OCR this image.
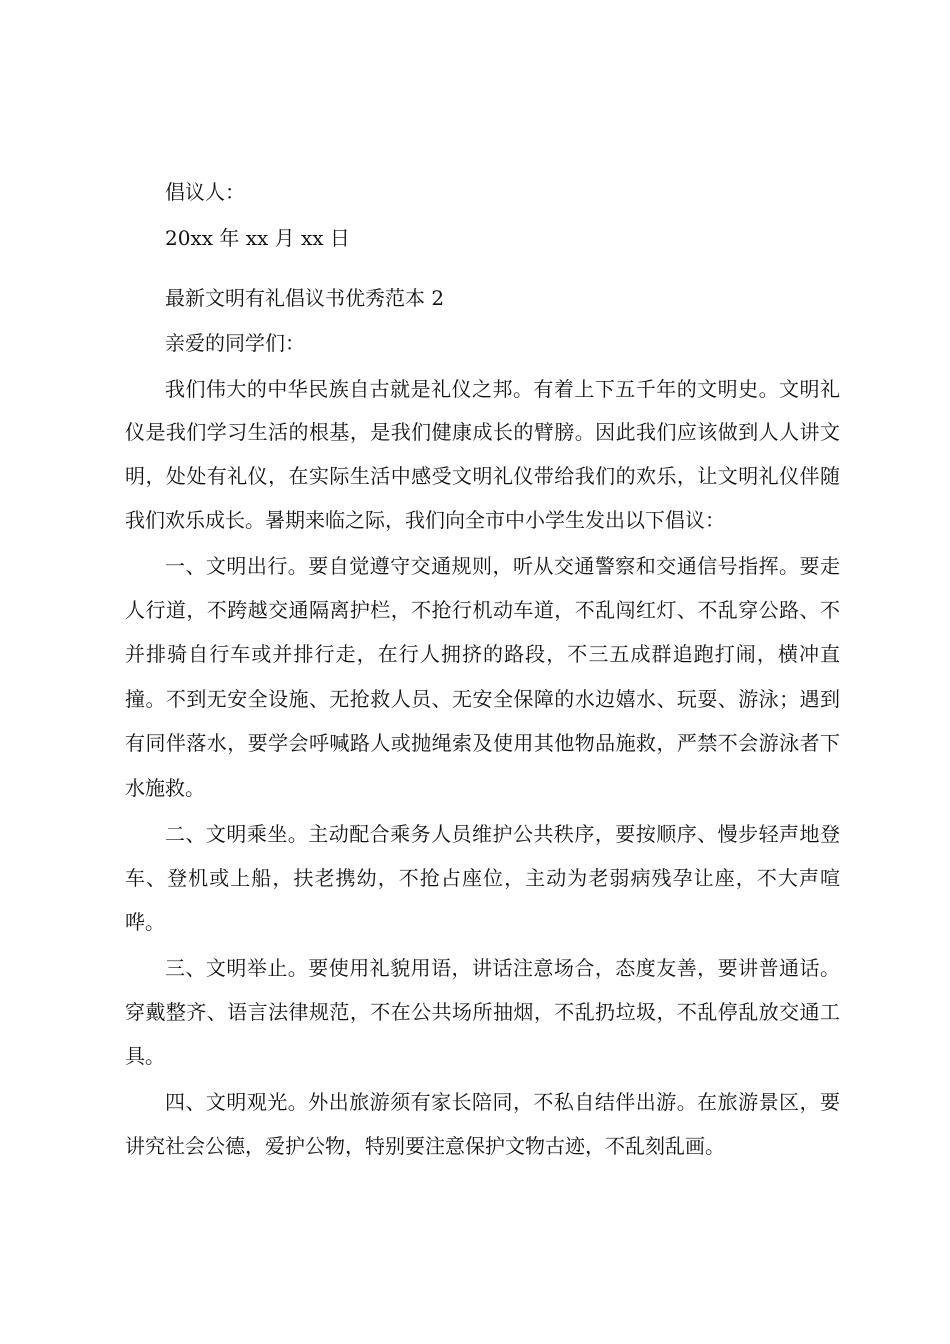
倡议人：
20xx 年 xx 月 xx 日
最新文明有礼倡议书优秀范本 2
亲爱的同学们：
我们伟大的中华民族自古就是礼仪之邦。有着上下五千年的文明史。文明礼
仪是我们学习生活的根基，是我们健康成长的臂膀。因此我们应该做到人人讲文
明，处处有礼仪，在实际生活中感受文明礼仪带给我们的欢乐，让文明礼仪伴随
我们欢乐成长。暑期来临之际，我们向全市中小学生发出以下倡议：
一、文明出行。要自觉遵守交通规则，听从交通警察和交通信号指挥。要走
人行道，不跨越交通隔离护栏，不抢行机动车道，不乱闯红灯、不乱穿公路、不
并排骑自行车或并排行走，在行人拥挤的路段，不三五成群追跑打闹，横冲直
撞。不到无安全设施、无抢救人员、无安全保障的水边嬉水、玩耍、游泳；遇到
有同伴落水，要学会呼喊路人或抛绳索及使用其他物品施救，严禁不会游泳者下
水施救。
二、文明乘坐。主动配合乘务人员维护公共秩序，要按顺序、慢步轻声地登
车、登机或上船，扶老携幼，不抢占座位，主动为老弱病残孕让座，不大声喧
哗。
三、文明举止。要使用礼貌用语，讲话注意场合，态度友善，要讲普通话。
穿戴整齐、语言法律规范，不在公共场所抽烟，不乱扔垃圾，不乱停乱放交通工
具。
四、文明观光。外出旅游须有家长陪同，不私自结伴出游。在旅游景区，要
讲究社会公德，爱护公物，特别要注意保护文物古迹，不乱刻乱画。
